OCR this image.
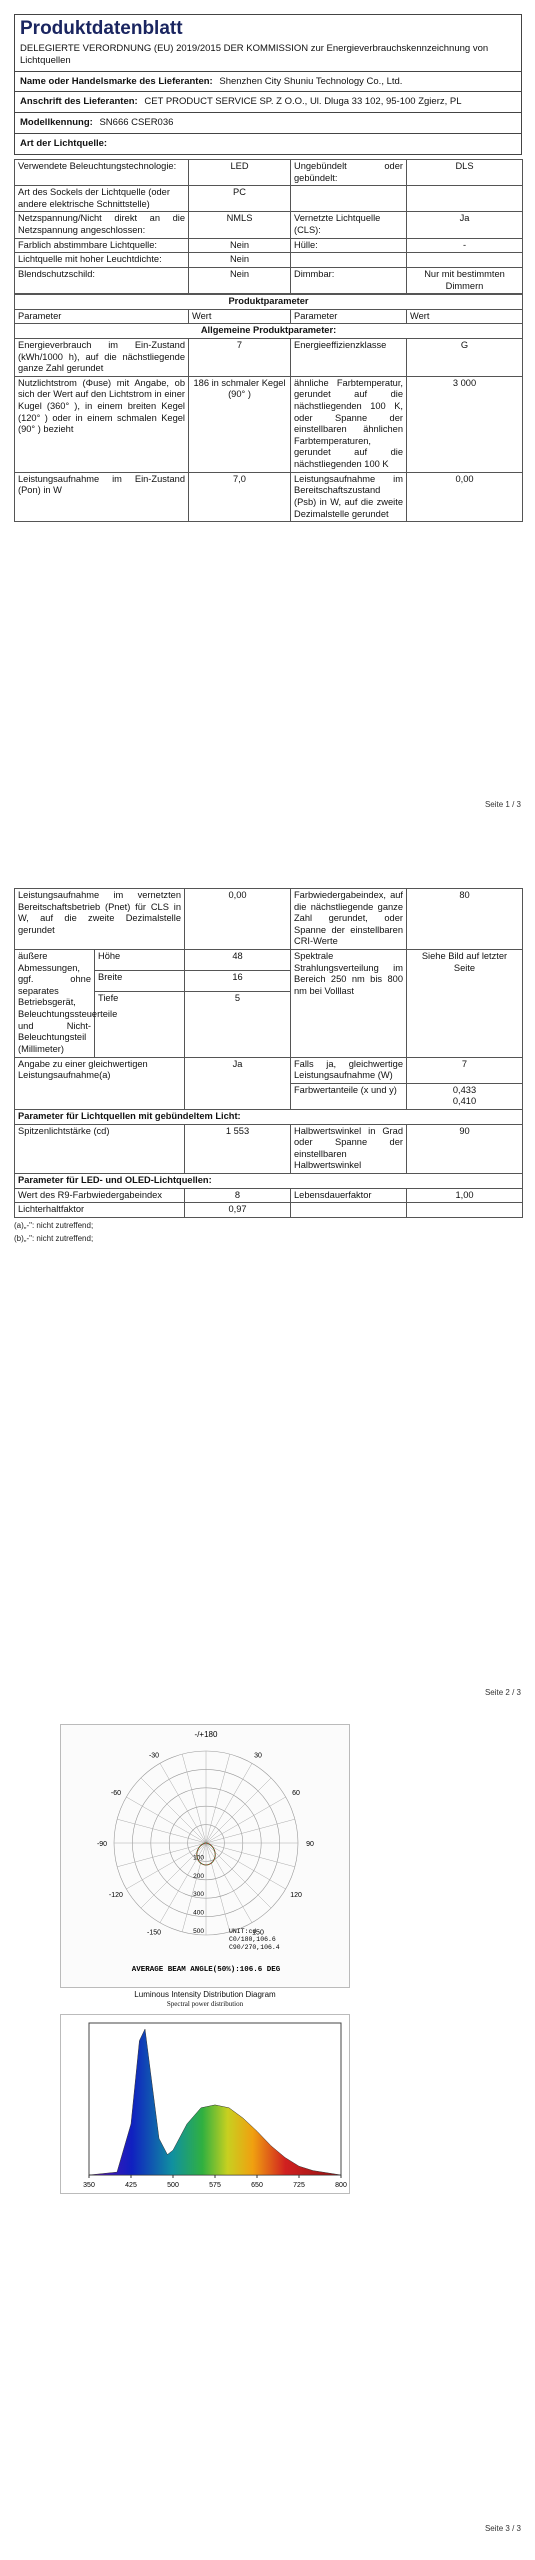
Produktdatenblatt
DELEGIERTE VERORDNUNG (EU) 2019/2015 DER KOMMISSION zur Energieverbrauchskennzeichnung von Lichtquellen
Name oder Handelsmarke des Lieferanten: Shenzhen City Shuniu Technology Co., Ltd.
Anschrift des Lieferanten: CET PRODUCT SERVICE SP. Z O.O., Ul. Dluga 33 102, 95-100 Zgierz, PL
Modellkennung: SN666 CSER036
Art der Lichtquelle:
Verwendete Beleuchtungstechnologie:	LED	Ungebündelt oder gebündelt:	DLS
Art des Sockels der Lichtquelle (oder andere elektrische Schnittstelle)	PC		
Netzspannung/Nicht direkt an die Netzspannung angeschlossen:	NMLS	Vernetzte Lichtquelle (CLS):	Ja
Farblich abstimmbare Lichtquelle:	Nein	Hülle:	-
Lichtquelle mit hoher Leuchtdichte:	Nein		
Blendschutzschild:	Nein	Dimmbar:	Nur mit bestimmten Dimmern
Produktparameter			
Parameter	Wert	Parameter	Wert
Allgemeine Produktparameter:			
Energieverbrauch im Ein-Zustand (kWh/1000 h), auf die nächstliegende ganze Zahl gerundet	7	Energieeffizienzklasse	G
Nutzlichtstrom (Φuse) mit Angabe, ob sich der Wert auf den Lichtstrom in einer Kugel (360° ), in einem breiten Kegel (120° ) oder in einem schmalen Kegel (90° ) bezieht	186 in schmaler Kegel (90° )	ähnliche Farbtemperatur, gerundet auf die nächstliegenden 100 K, oder Spanne der einstellbaren ähnlichen Farbtemperaturen, gerundet auf die nächstliegenden 100 K	3 000
Leistungsaufnahme im Ein-Zustand (Pon) in W	7,0	Leistungsaufnahme im Bereitschaftszustand (Psb) in W, auf die zweite Dezimalstelle gerundet	0,00
Seite 1 / 3
Leistungsaufnahme im vernetzten Bereitschaftsbetrieb (Pnet) für CLS in W, auf die zweite Dezimalstelle gerundet		0,00	Farbwiedergabeindex, auf die nächstliegende ganze Zahl gerundet, oder Spanne der einstellbaren CRI-Werte	80
äußere Abmessungen, ggf. ohne separates Betriebsgerät, Beleuchtungssteuerteile und Nicht-Beleuchtungsteil (Millimeter)	Höhe	48	Spektrale Strahlungsverteilung im Bereich 250 nm bis 800 nm bei Volllast	Siehe Bild auf letzter Seite
	Breite	16		
	Tiefe	5		
Angabe zu einer gleichwertigen Leistungsaufnahme(a)		Ja	Falls ja, gleichwertige Leistungsaufnahme (W)	7
			Farbwertanteile (x und y)	0,433
0,410

Parameter für Lichtquellen mit gebündeltem Licht:				
Spitzenlichtstärke (cd)		1 553	Halbwertswinkel in Grad oder Spanne der einstellbaren Halbwertswinkel	90
Parameter für LED- und OLED-Lichtquellen:				
Wert des R9-Farbwiedergabeindex		8	Lebensdauerfaktor	1,00
Lichterhaltfaktor		0,97		
(a)„-": nicht zutreffend;
(b)„-": nicht zutreffend;
Seite 2 / 3
-150	150
-120	120
-90	90
-60	60
-30	30
100
200
300
400
500
-/+180
UNIT:cd
C0/180,106.6
C90/270,106.4
AVERAGE BEAM ANGLE(50%):106.6 DEG
Luminous Intensity Distribution Diagram
Spectral power distribution
350	425	500	575	650	725	800
Seite 3 / 3
